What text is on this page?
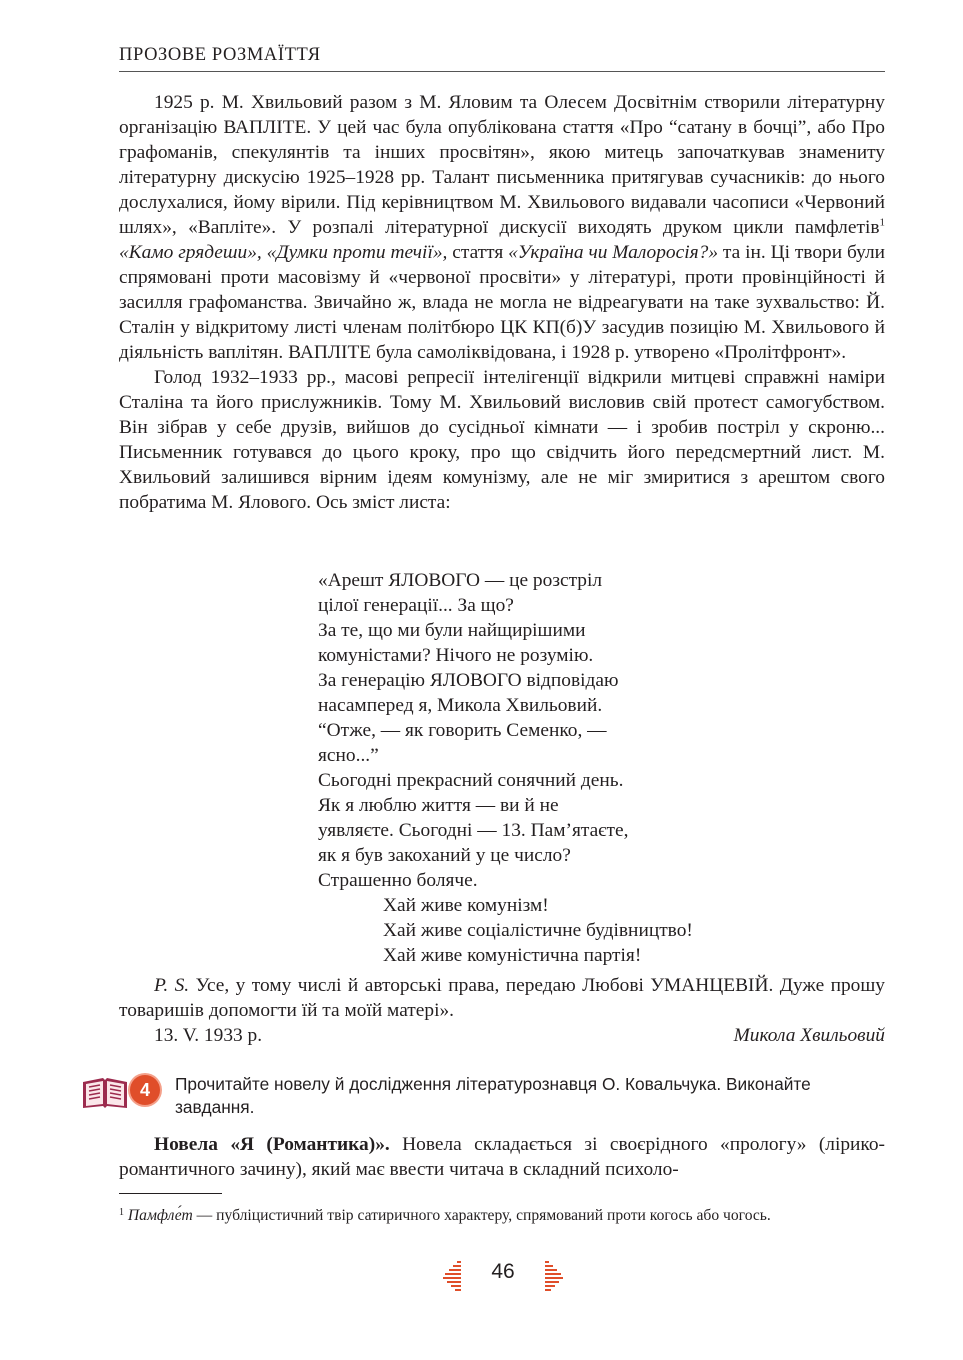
ПРОЗОВЕ РОЗМАЇТТЯ

1925 р. М. Хвильовий разом з М. Яловим та Олесем Досвітнім створили літературну організацію ВАПЛІТЕ. У цей час була опублікована стаття «Про “сатану в бочці”, або Про графоманів, спекулянтів та інших просвітян», якою митець започаткував знамениту літературну дискусію 1925–1928 рр. Талант письменника притягував сучасників: до нього дослухалися, йому вірили. Під керівництвом М. Хвильового видавали часописи «Червоний шлях», «Вапліте». У розпалі літературної дискусії виходять друком цикли памфлетів$^1$ «Камо грядеши», «Думки проти течії», стаття «Україна чи Малоросія?» та ін. Ці твори були спрямовані проти масовізму й «червоної просвіти» у літературі, проти провінційності й засилля графоманства. Звичайно ж, влада не могла не відреагувати на таке зухвальство: Й. Сталін у відкритому листі членам політбюро ЦК КП(б)У засудив позицію М. Хвильового й діяльність ваплітян. ВАПЛІТЕ була самоліквідована, і 1928 р. утворено «Пролітфронт».

Голод 1932–1933 рр., масові репресії інтелігенції відкрили митцеві справжні наміри Сталіна та його прислужників. Тому М. Хвильовий висловив свій протест самогубством. Він зібрав у себе друзів, вийшов до сусідньої кімнати — і зробив постріл у скроню... Письменник готувався до цього кроку, про що свідчить його передсмертний лист. М. Хвильовий залишився вірним ідеям комунізму, але не міг змиритися з арештом свого побратима М. Ялового. Ось зміст листа:

«Арешт ЯЛОВОГО — це розстріл
цілої генерації... За що?
За те, що ми були найщирішими
комуністами? Нічого не розумію.
За генерацію ЯЛОВОГО відповідаю
насамперед я, Микола Хвильовий.
“Отже, — як говорить Семенко, —
ясно...”
Сьогодні прекрасний сонячний день.
Як я люблю життя — ви й не
уявляєте. Сьогодні — 13. Пам’ятаєте,
як я був закоханий у це число?
Страшенно боляче.
Хай живе комунізм!
Хай живе соціалістичне будівництво!
Хай живе комуністична партія!

P. S. Усе, у тому числі й авторські права, передаю Любові УМАНЦЕВІЙ. Дуже прошу товаришів допомогти їй та моїй матері».

13. V. 1933 р.	Микола Хвильовий
4	Прочитайте новелу й дослідження літературознавця О. Ковальчука. Виконайте завдання.

Новела «Я (Романтика)». Новела складається зі своєрідного «прологу» (лірико-романтичного зачину), який має ввести читача в складний психоло-

$^1$ Памфле́т — публіцистичний твір сатиричного характеру, спрямований проти когось або чогось.
46
